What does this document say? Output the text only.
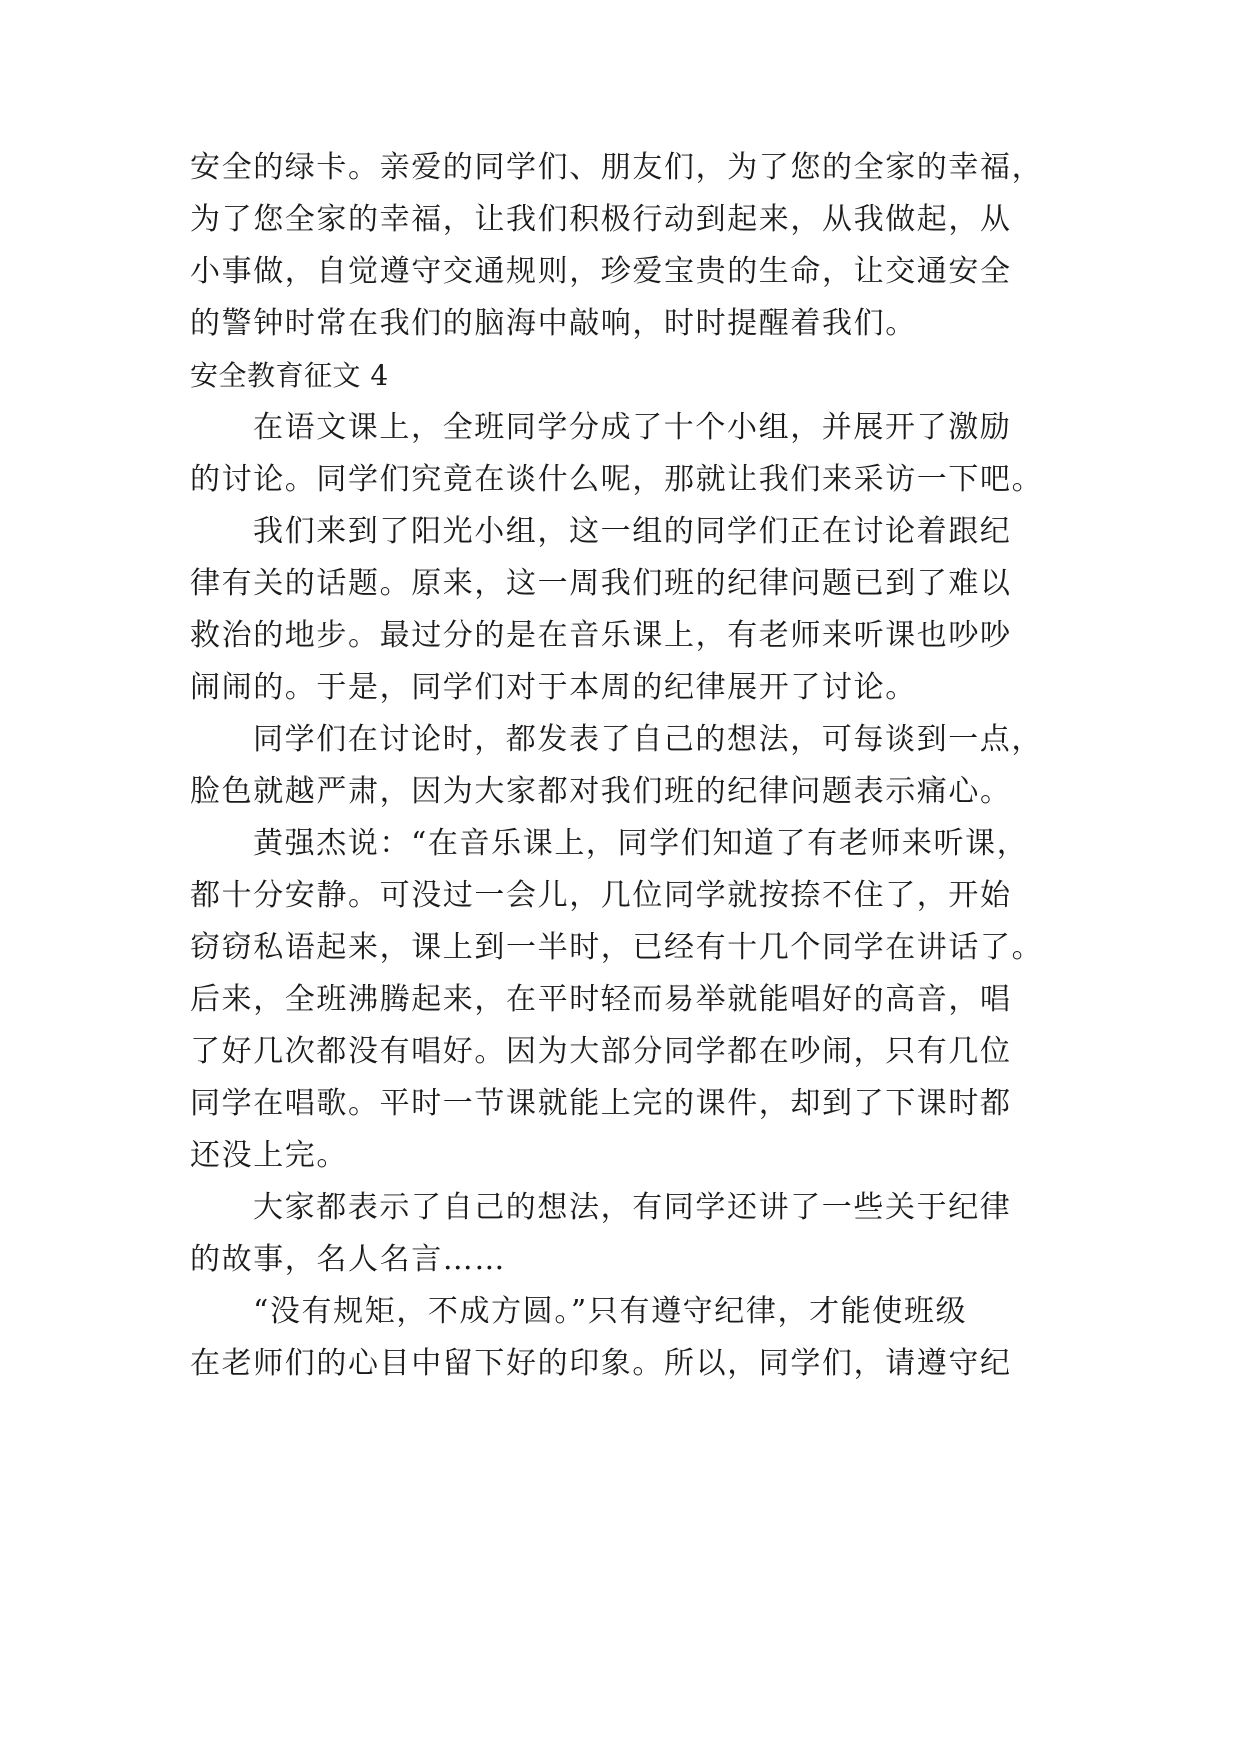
安全的绿卡。亲爱的同学们、朋友们，为了您的全家的幸福，
为了您全家的幸福，让我们积极行动到起来，从我做起，从
小事做，自觉遵守交通规则，珍爱宝贵的生命，让交通安全
的警钟时常在我们的脑海中敲响，时时提醒着我们。
安全教育征文 4
在语文课上，全班同学分成了十个小组，并展开了激励
的讨论。同学们究竟在谈什么呢，那就让我们来采访一下吧。
我们来到了阳光小组，这一组的同学们正在讨论着跟纪
律有关的话题。原来，这一周我们班的纪律问题已到了难以
救治的地步。最过分的是在音乐课上，有老师来听课也吵吵
闹闹的。于是，同学们对于本周的纪律展开了讨论。
同学们在讨论时，都发表了自己的想法，可每谈到一点，
脸色就越严肃，因为大家都对我们班的纪律问题表示痛心。
黄强杰说：“在音乐课上，同学们知道了有老师来听课，
都十分安静。可没过一会儿，几位同学就按捺不住了，开始
窃窃私语起来，课上到一半时，已经有十几个同学在讲话了。
后来，全班沸腾起来，在平时轻而易举就能唱好的高音，唱
了好几次都没有唱好。因为大部分同学都在吵闹，只有几位
同学在唱歌。平时一节课就能上完的课件，却到了下课时都
还没上完。
大家都表示了自己的想法，有同学还讲了一些关于纪律
的故事，名人名言……
“没有规矩，不成方圆。”只有遵守纪律，才能使班级
在老师们的心目中留下好的印象。所以，同学们，请遵守纪
